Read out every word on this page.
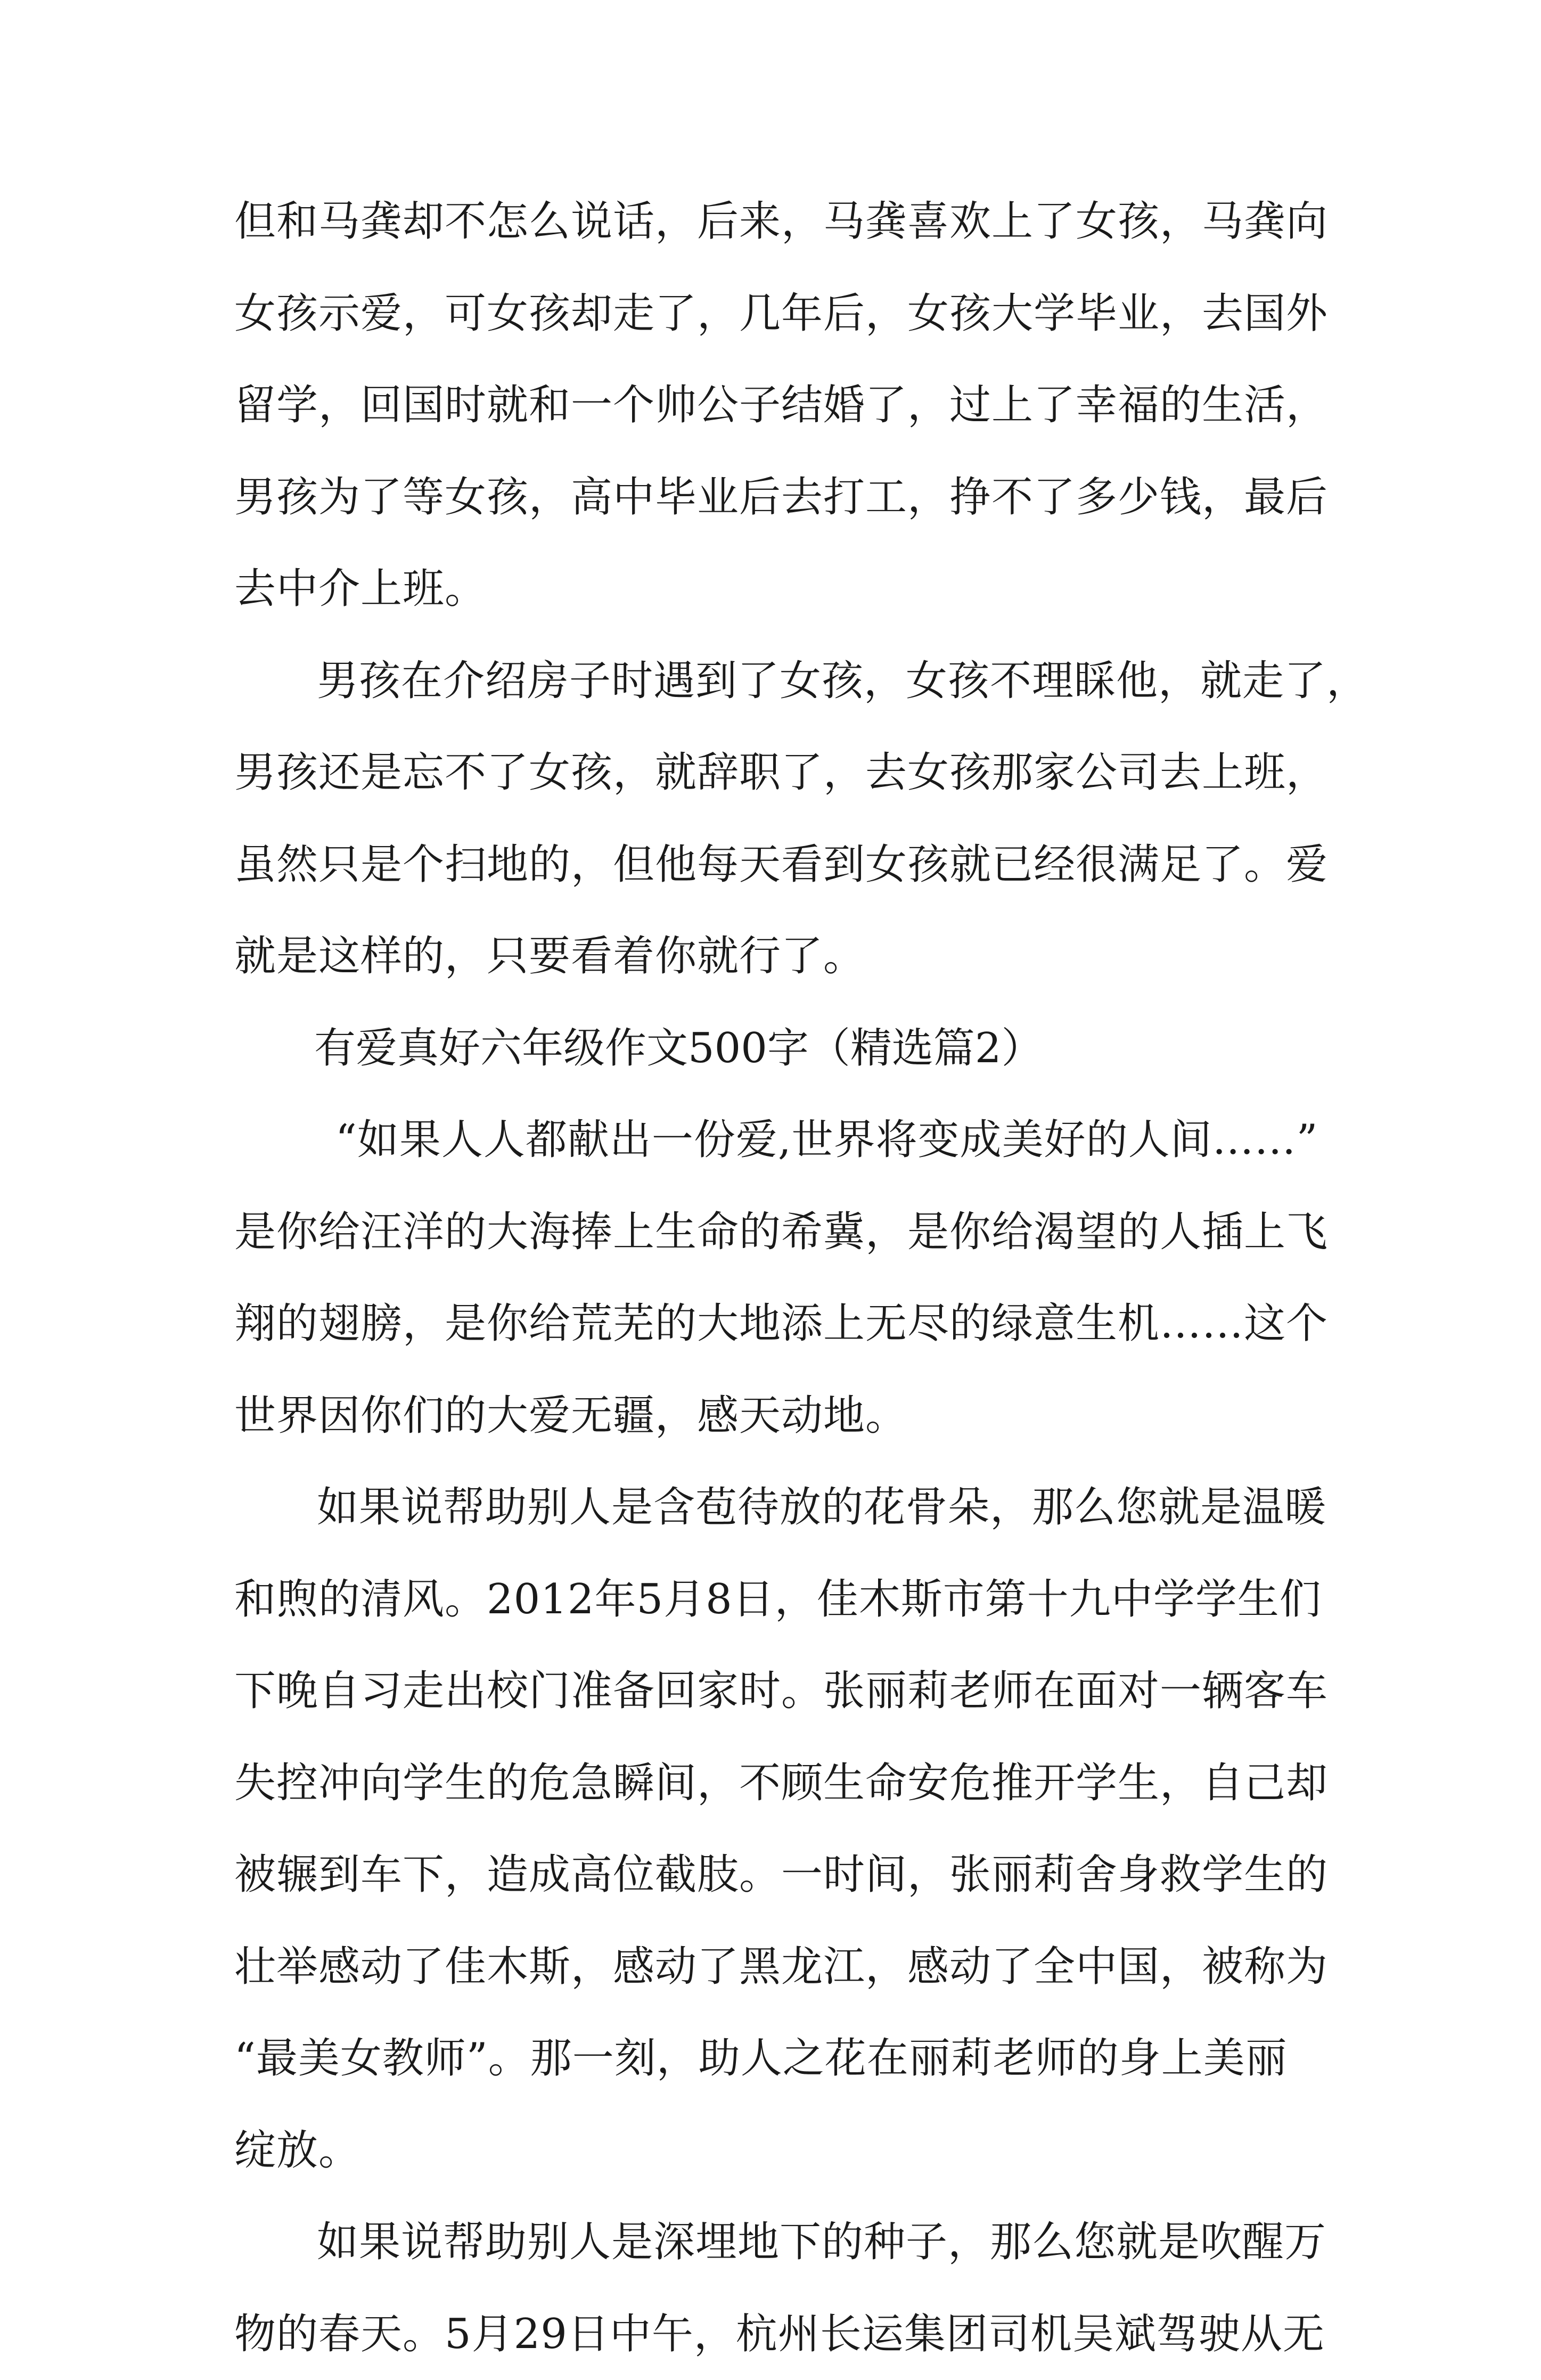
但和马龚却不怎么说话，后来，马龚喜欢上了女孩，马龚向
女孩示爱，可女孩却走了，几年后，女孩大学毕业，去国外
留学，回国时就和一个帅公子结婚了，过上了幸福的生活，
男孩为了等女孩，高中毕业后去打工，挣不了多少钱，最后
去中介上班。
男孩在介绍房子时遇到了女孩，女孩不理睬他，就走了，
男孩还是忘不了女孩，就辞职了，去女孩那家公司去上班，
虽然只是个扫地的，但他每天看到女孩就已经很满足了。爱
就是这样的，只要看着你就行了。
有爱真好六年级作文500字（精选篇2）
“如果人人都献出一份爱,世界将变成美好的人间……”
是你给汪洋的大海捧上生命的希冀，是你给渴望的人插上飞
翔的翅膀，是你给荒芜的大地添上无尽的绿意生机……这个
世界因你们的大爱无疆，感天动地。
如果说帮助别人是含苞待放的花骨朵，那么您就是温暖
和煦的清风。2012年5月8日，佳木斯市第十九中学学生们
下晚自习走出校门准备回家时。张丽莉老师在面对一辆客车
失控冲向学生的危急瞬间，不顾生命安危推开学生，自己却
被辗到车下，造成高位截肢。一时间，张丽莉舍身救学生的
壮举感动了佳木斯，感动了黑龙江，感动了全中国，被称为
“最美女教师”。那一刻，助人之花在丽莉老师的身上美丽
绽放。
如果说帮助别人是深埋地下的种子，那么您就是吹醒万
物的春天。5月29日中午，杭州长运集团司机吴斌驾驶从无
